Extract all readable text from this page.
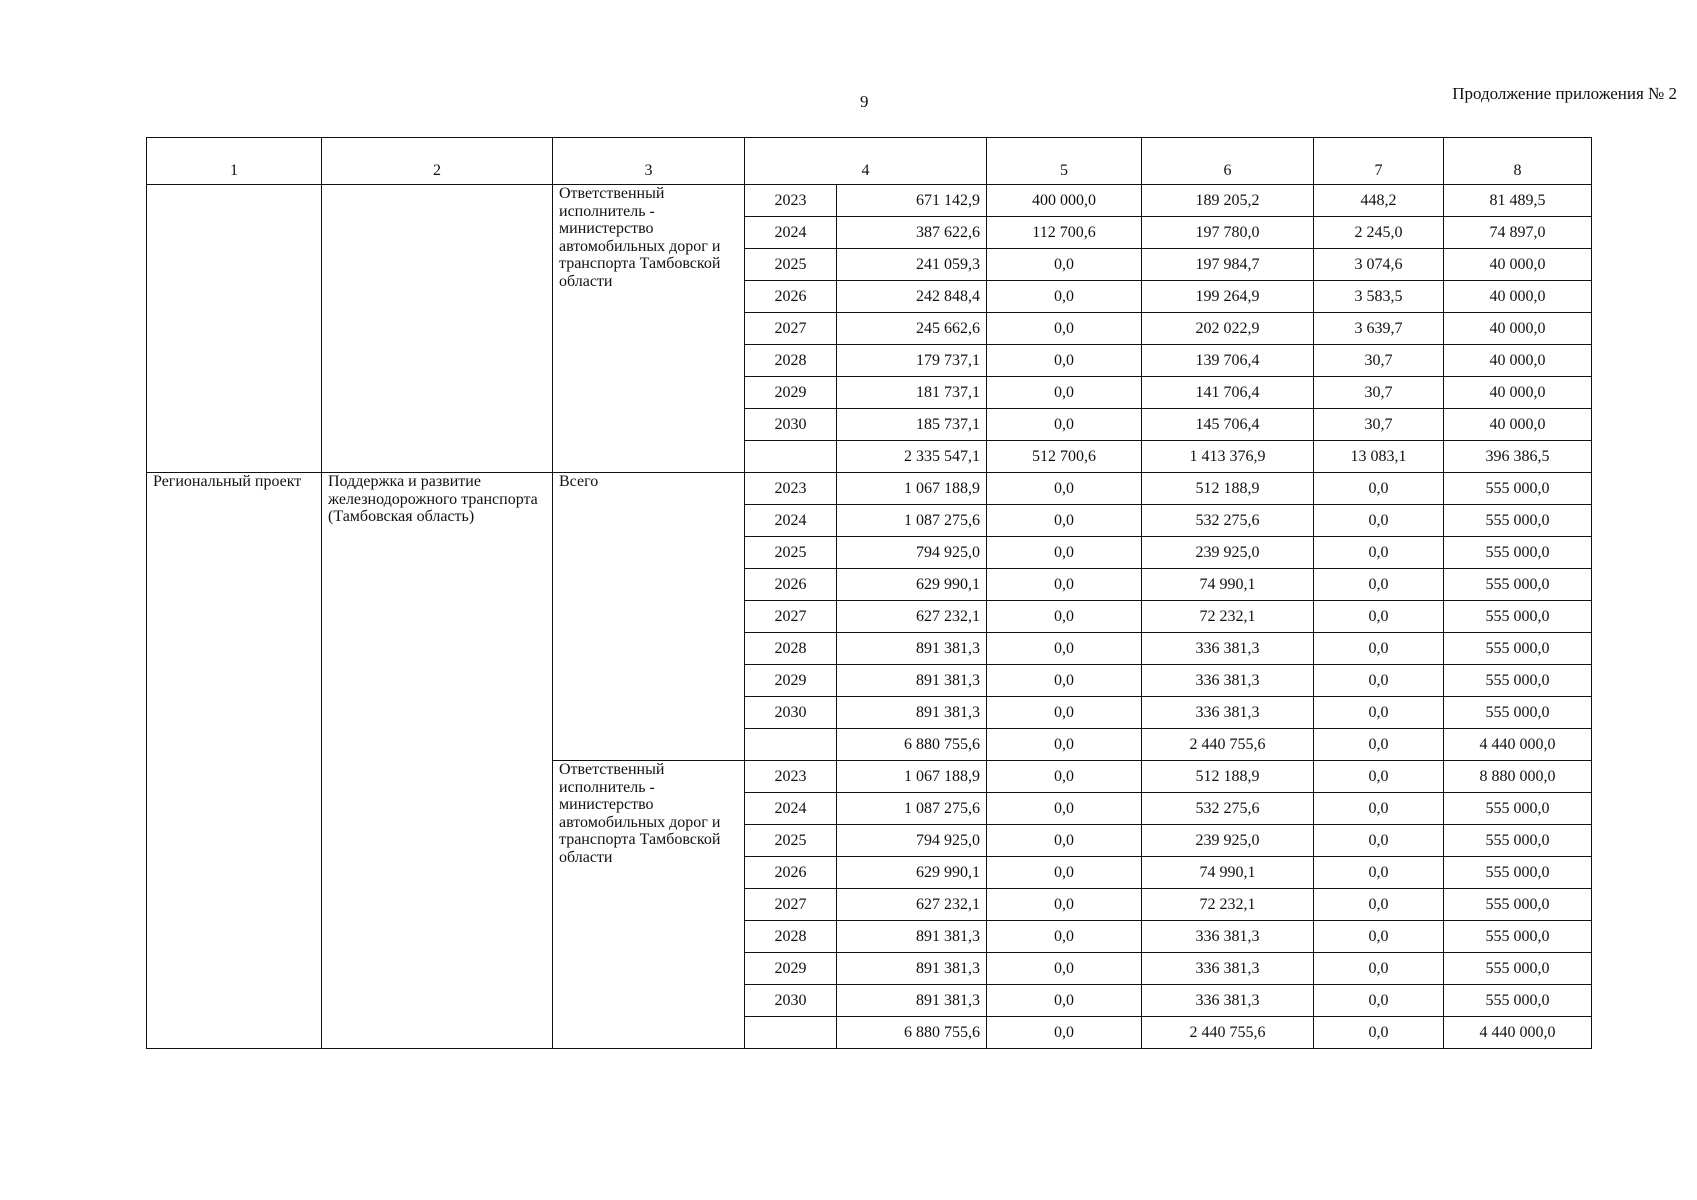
9	Продолжение приложения № 2
1	2	3	4		5	6	7	8
		Ответственный исполнитель - министерство автомобильных дорог и транспорта Тамбовской области	2023	671 142,9	400 000,0	189 205,2	448,2	81 489,5
			2024	387 622,6	112 700,6	197 780,0	2 245,0	74 897,0
			2025	241 059,3	0,0	197 984,7	3 074,6	40 000,0
			2026	242 848,4	0,0	199 264,9	3 583,5	40 000,0
			2027	245 662,6	0,0	202 022,9	3 639,7	40 000,0
			2028	179 737,1	0,0	139 706,4	30,7	40 000,0
			2029	181 737,1	0,0	141 706,4	30,7	40 000,0
			2030	185 737,1	0,0	145 706,4	30,7	40 000,0
				2 335 547,1	512 700,6	1 413 376,9	13 083,1	396 386,5
Региональный проект	Поддержка и развитие железнодорожного транспорта (Тамбовская область)	Всего	2023	1 067 188,9	0,0	512 188,9	0,0	555 000,0
			2024	1 087 275,6	0,0	532 275,6	0,0	555 000,0
			2025	794 925,0	0,0	239 925,0	0,0	555 000,0
			2026	629 990,1	0,0	74 990,1	0,0	555 000,0
			2027	627 232,1	0,0	72 232,1	0,0	555 000,0
			2028	891 381,3	0,0	336 381,3	0,0	555 000,0
			2029	891 381,3	0,0	336 381,3	0,0	555 000,0
			2030	891 381,3	0,0	336 381,3	0,0	555 000,0
				6 880 755,6	0,0	2 440 755,6	0,0	4 440 000,0
		Ответственный исполнитель - министерство автомобильных дорог и транспорта Тамбовской области	2023	1 067 188,9	0,0	512 188,9	0,0	8 880 000,0
			2024	1 087 275,6	0,0	532 275,6	0,0	555 000,0
			2025	794 925,0	0,0	239 925,0	0,0	555 000,0
			2026	629 990,1	0,0	74 990,1	0,0	555 000,0
			2027	627 232,1	0,0	72 232,1	0,0	555 000,0
			2028	891 381,3	0,0	336 381,3	0,0	555 000,0
			2029	891 381,3	0,0	336 381,3	0,0	555 000,0
			2030	891 381,3	0,0	336 381,3	0,0	555 000,0
				6 880 755,6	0,0	2 440 755,6	0,0	4 440 000,0
